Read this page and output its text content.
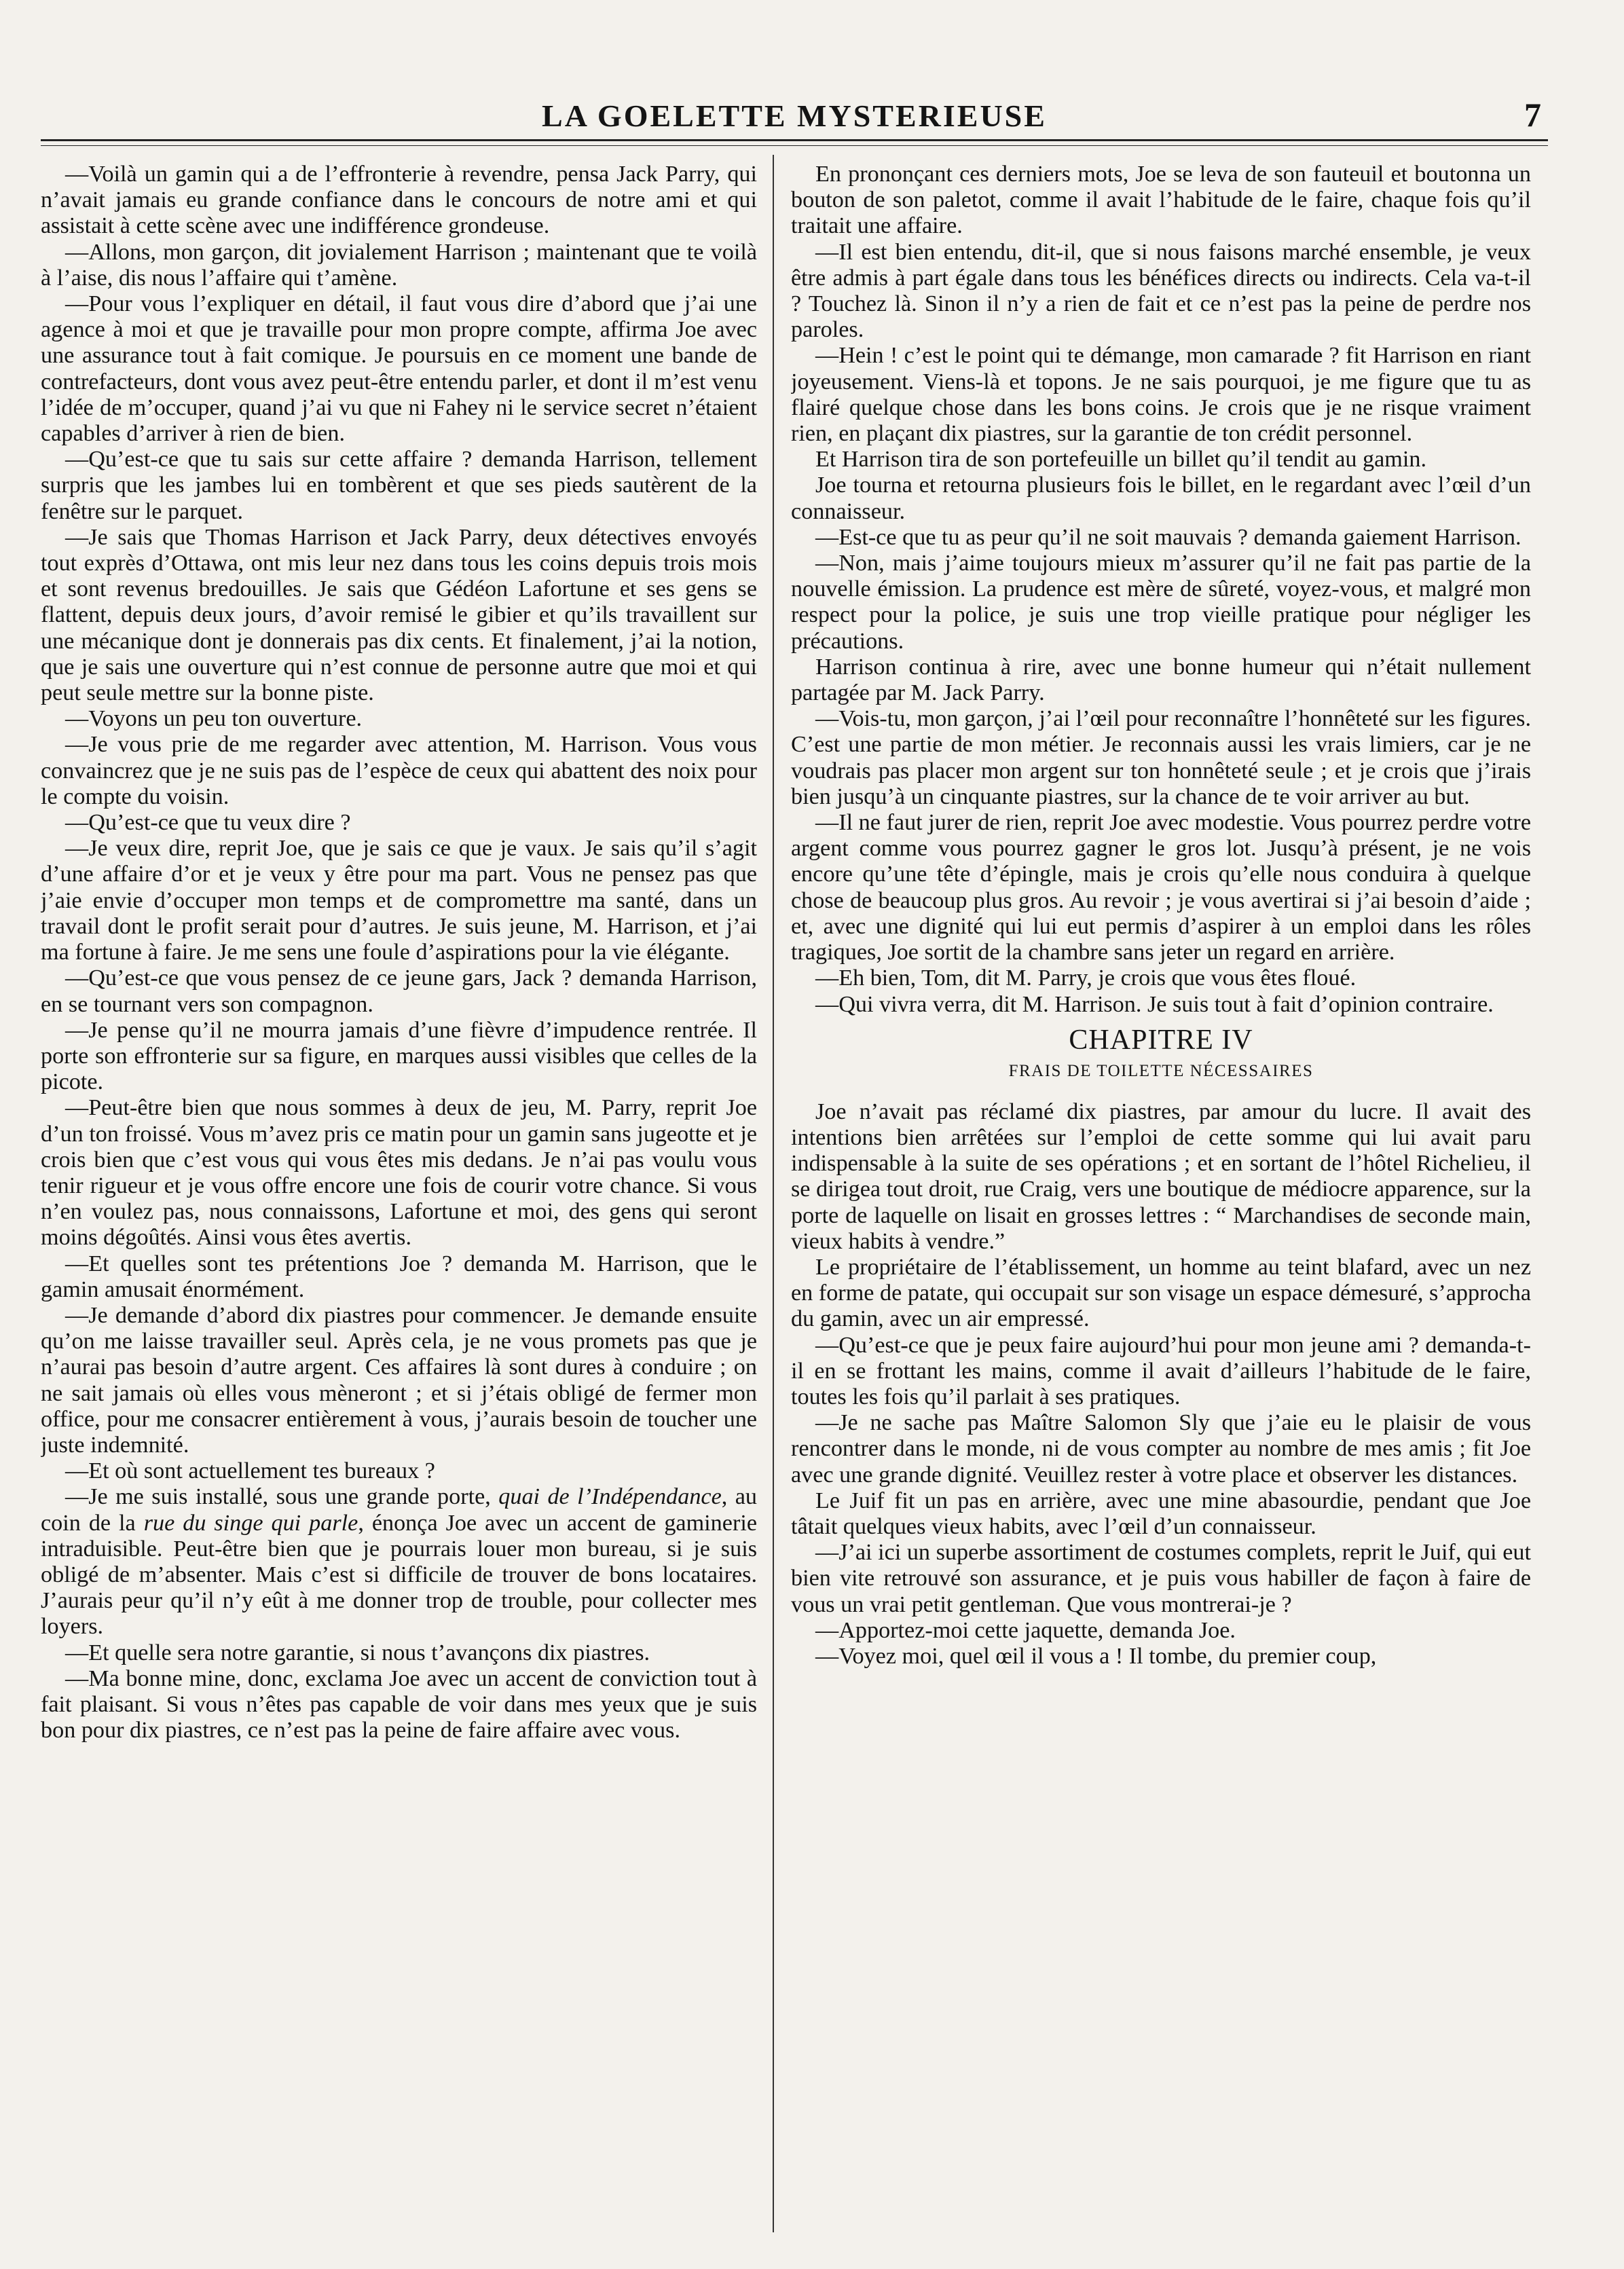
LA GOELETTE MYSTERIEUSE	7

—Voilà un gamin qui a de l’effronterie à revendre, pensa Jack Parry, qui n’avait jamais eu grande confiance dans le concours de notre ami et qui assistait à cette scène avec une indifférence grondeuse.

—Allons, mon garçon, dit jovialement Harrison ; maintenant que te voilà à l’aise, dis nous l’affaire qui t’amène.

—Pour vous l’expliquer en détail, il faut vous dire d’abord que j’ai une agence à moi et que je travaille pour mon propre compte, affirma Joe avec une assurance tout à fait comique. Je poursuis en ce moment une bande de contrefacteurs, dont vous avez peut-être entendu parler, et dont il m’est venu l’idée de m’occuper, quand j’ai vu que ni Fahey ni le service secret n’étaient capables d’arriver à rien de bien.

—Qu’est-ce que tu sais sur cette affaire ? demanda Harrison, tellement surpris que les jambes lui en tombèrent et que ses pieds sautèrent de la fenêtre sur le parquet.

—Je sais que Thomas Harrison et Jack Parry, deux détectives envoyés tout exprès d’Ottawa, ont mis leur nez dans tous les coins depuis trois mois et sont revenus bredouilles. Je sais que Gédéon Lafortune et ses gens se flattent, depuis deux jours, d’avoir remisé le gibier et qu’ils travaillent sur une mécanique dont je donnerais pas dix cents. Et finalement, j’ai la notion, que je sais une ouverture qui n’est connue de personne autre que moi et qui peut seule mettre sur la bonne piste.

—Voyons un peu ton ouverture.

—Je vous prie de me regarder avec attention, M. Harrison. Vous vous convaincrez que je ne suis pas de l’espèce de ceux qui abattent des noix pour le compte du voisin.

—Qu’est-ce que tu veux dire ?

—Je veux dire, reprit Joe, que je sais ce que je vaux. Je sais qu’il s’agit d’une affaire d’or et je veux y être pour ma part. Vous ne pensez pas que j’aie envie d’occuper mon temps et de compromettre ma santé, dans un travail dont le profit serait pour d’autres. Je suis jeune, M. Harrison, et j’ai ma fortune à faire. Je me sens une foule d’aspirations pour la vie élégante.

—Qu’est-ce que vous pensez de ce jeune gars, Jack ? demanda Harrison, en se tournant vers son compagnon.

—Je pense qu’il ne mourra jamais d’une fièvre d’impudence rentrée. Il porte son effronterie sur sa figure, en marques aussi visibles que celles de la picote.

—Peut-être bien que nous sommes à deux de jeu, M. Parry, reprit Joe d’un ton froissé. Vous m’avez pris ce matin pour un gamin sans jugeotte et je crois bien que c’est vous qui vous êtes mis dedans. Je n’ai pas voulu vous tenir rigueur et je vous offre encore une fois de courir votre chance. Si vous n’en voulez pas, nous connaissons, Lafortune et moi, des gens qui seront moins dégoûtés. Ainsi vous êtes avertis.

—Et quelles sont tes prétentions Joe ? demanda M. Harrison, que le gamin amusait énormément.

—Je demande d’abord dix piastres pour commencer. Je demande ensuite qu’on me laisse travailler seul. Après cela, je ne vous promets pas que je n’aurai pas besoin d’autre argent. Ces affaires là sont dures à conduire ; on ne sait jamais où elles vous mèneront ; et si j’étais obligé de fermer mon office, pour me consacrer entièrement à vous, j’aurais besoin de toucher une juste indemnité.

—Et où sont actuellement tes bureaux ?

—Je me suis installé, sous une grande porte, quai de l’Indépendance, au coin de la rue du singe qui parle, énonça Joe avec un accent de gaminerie intraduisible. Peut-être bien que je pourrais louer mon bureau, si je suis obligé de m’absenter. Mais c’est si difficile de trouver de bons locataires. J’aurais peur qu’il n’y eût à me donner trop de trouble, pour collecter mes loyers.

—Et quelle sera notre garantie, si nous t’avançons dix piastres.

—Ma bonne mine, donc, exclama Joe avec un accent de conviction tout à fait plaisant. Si vous n’êtes pas capable de voir dans mes yeux que je suis bon pour dix piastres, ce n’est pas la peine de faire affaire avec vous.

En prononçant ces derniers mots, Joe se leva de son fauteuil et boutonna un bouton de son paletot, comme il avait l’habitude de le faire, chaque fois qu’il traitait une affaire.

—Il est bien entendu, dit-il, que si nous faisons marché ensemble, je veux être admis à part égale dans tous les bénéfices directs ou indirects. Cela va-t-il ? Touchez là. Sinon il n’y a rien de fait et ce n’est pas la peine de perdre nos paroles.

—Hein ! c’est le point qui te démange, mon camarade ? fit Harrison en riant joyeusement. Viens-là et topons. Je ne sais pourquoi, je me figure que tu as flairé quelque chose dans les bons coins. Je crois que je ne risque vraiment rien, en plaçant dix piastres, sur la garantie de ton crédit personnel.

Et Harrison tira de son portefeuille un billet qu’il tendit au gamin.

Joe tourna et retourna plusieurs fois le billet, en le regardant avec l’œil d’un connaisseur.

—Est-ce que tu as peur qu’il ne soit mauvais ? demanda gaiement Harrison.

—Non, mais j’aime toujours mieux m’assurer qu’il ne fait pas partie de la nouvelle émission. La prudence est mère de sûreté, voyez-vous, et malgré mon respect pour la police, je suis une trop vieille pratique pour négliger les précautions.

Harrison continua à rire, avec une bonne humeur qui n’était nullement partagée par M. Jack Parry.

—Vois-tu, mon garçon, j’ai l’œil pour reconnaître l’honnêteté sur les figures. C’est une partie de mon métier. Je reconnais aussi les vrais limiers, car je ne voudrais pas placer mon argent sur ton honnêteté seule ; et je crois que j’irais bien jusqu’à un cinquante piastres, sur la chance de te voir arriver au but.

—Il ne faut jurer de rien, reprit Joe avec modestie. Vous pourrez perdre votre argent comme vous pourrez gagner le gros lot. Jusqu’à présent, je ne vois encore qu’une tête d’épingle, mais je crois qu’elle nous conduira à quelque chose de beaucoup plus gros. Au revoir ; je vous avertirai si j’ai besoin d’aide ; et, avec une dignité qui lui eut permis d’aspirer à un emploi dans les rôles tragiques, Joe sortit de la chambre sans jeter un regard en arrière.

—Eh bien, Tom, dit M. Parry, je crois que vous êtes floué.

—Qui vivra verra, dit M. Harrison. Je suis tout à fait d’opinion contraire.

CHAPITRE IV
FRAIS DE TOILETTE NÉCESSAIRES

Joe n’avait pas réclamé dix piastres, par amour du lucre. Il avait des intentions bien arrêtées sur l’emploi de cette somme qui lui avait paru indispensable à la suite de ses opérations ; et en sortant de l’hôtel Richelieu, il se dirigea tout droit, rue Craig, vers une boutique de médiocre apparence, sur la porte de laquelle on lisait en grosses lettres : “ Marchandises de seconde main, vieux habits à vendre.”

Le propriétaire de l’établissement, un homme au teint blafard, avec un nez en forme de patate, qui occupait sur son visage un espace démesuré, s’approcha du gamin, avec un air empressé.

—Qu’est-ce que je peux faire aujourd’hui pour mon jeune ami ? demanda-t-il en se frottant les mains, comme il avait d’ailleurs l’habitude de le faire, toutes les fois qu’il parlait à ses pratiques.

—Je ne sache pas Maître Salomon Sly que j’aie eu le plaisir de vous rencontrer dans le monde, ni de vous compter au nombre de mes amis ; fit Joe avec une grande dignité. Veuillez rester à votre place et observer les distances.

Le Juif fit un pas en arrière, avec une mine abasourdie, pendant que Joe tâtait quelques vieux habits, avec l’œil d’un connaisseur.

—J’ai ici un superbe assortiment de costumes complets, reprit le Juif, qui eut bien vite retrouvé son assurance, et je puis vous habiller de façon à faire de vous un vrai petit gentleman. Que vous montrerai-je ?

—Apportez-moi cette jaquette, demanda Joe.

—Voyez moi, quel œil il vous a ! Il tombe, du premier coup,
